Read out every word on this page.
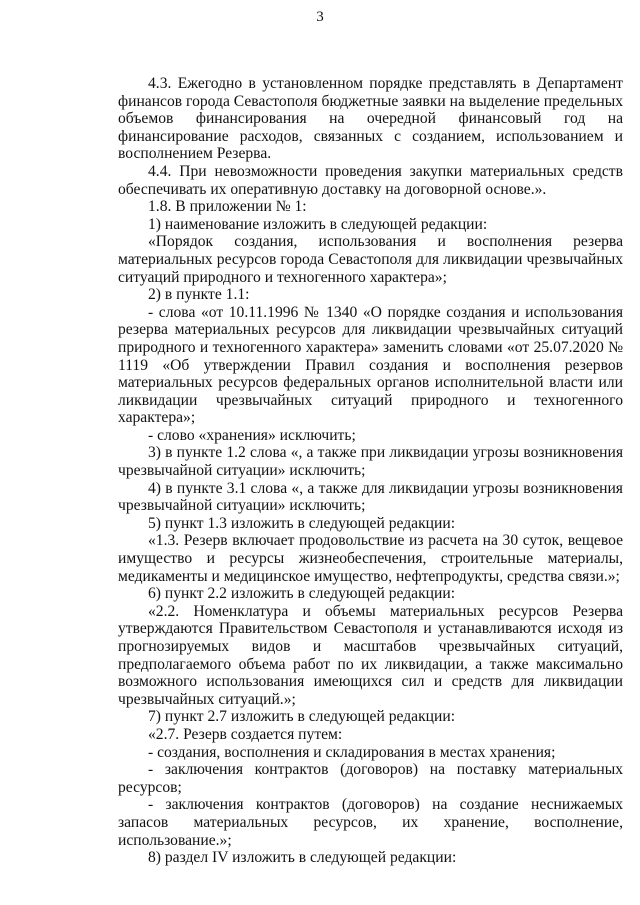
3

4.3. Ежегодно в установленном порядке представлять в Департамент финансов города Севастополя бюджетные заявки на выделение предельных объемов финансирования на очередной финансовый год на финансирование расходов, связанных с созданием, использованием и восполнением Резерва.

4.4. При невозможности проведения закупки материальных средств обеспечивать их оперативную доставку на договорной основе.».

1.8. В приложении № 1:

1) наименование изложить в следующей редакции:

«Порядок создания, использования и восполнения резерва материальных ресурсов города Севастополя для ликвидации чрезвычайных ситуаций природного и техногенного характера»;

2) в пункте 1.1:

- слова «от 10.11.1996 № 1340 «О порядке создания и использования резерва материальных ресурсов для ликвидации чрезвычайных ситуаций природного и техногенного характера» заменить словами «от 25.07.2020 № 1119 «Об утверждении Правил создания и восполнения резервов материальных ресурсов федеральных органов исполнительной власти или ликвидации чрезвычайных ситуаций природного и техногенного характера»;

- слово «хранения» исключить;

3) в пункте 1.2 слова «, а также при ликвидации угрозы возникновения чрезвычайной ситуации» исключить;

4) в пункте 3.1 слова «, а также для ликвидации угрозы возникновения чрезвычайной ситуации» исключить;

5) пункт 1.3 изложить в следующей редакции:

«1.3. Резерв включает продовольствие из расчета на 30 суток, вещевое имущество и ресурсы жизнеобеспечения, строительные материалы, медикаменты и медицинское имущество, нефтепродукты, средства связи.»;

6) пункт 2.2 изложить в следующей редакции:

«2.2. Номенклатура и объемы материальных ресурсов Резерва утверждаются Правительством Севастополя и устанавливаются исходя из прогнозируемых видов и масштабов чрезвычайных ситуаций, предполагаемого объема работ по их ликвидации, а также максимально возможного использования имеющихся сил и средств для ликвидации чрезвычайных ситуаций.»;

7) пункт 2.7 изложить в следующей редакции:

«2.7. Резерв создается путем:

- создания, восполнения и складирования в местах хранения;

- заключения контрактов (договоров) на поставку материальных ресурсов;

- заключения контрактов (договоров) на создание неснижаемых запасов материальных ресурсов, их хранение, восполнение, использование.»;

8) раздел IV изложить в следующей редакции:
